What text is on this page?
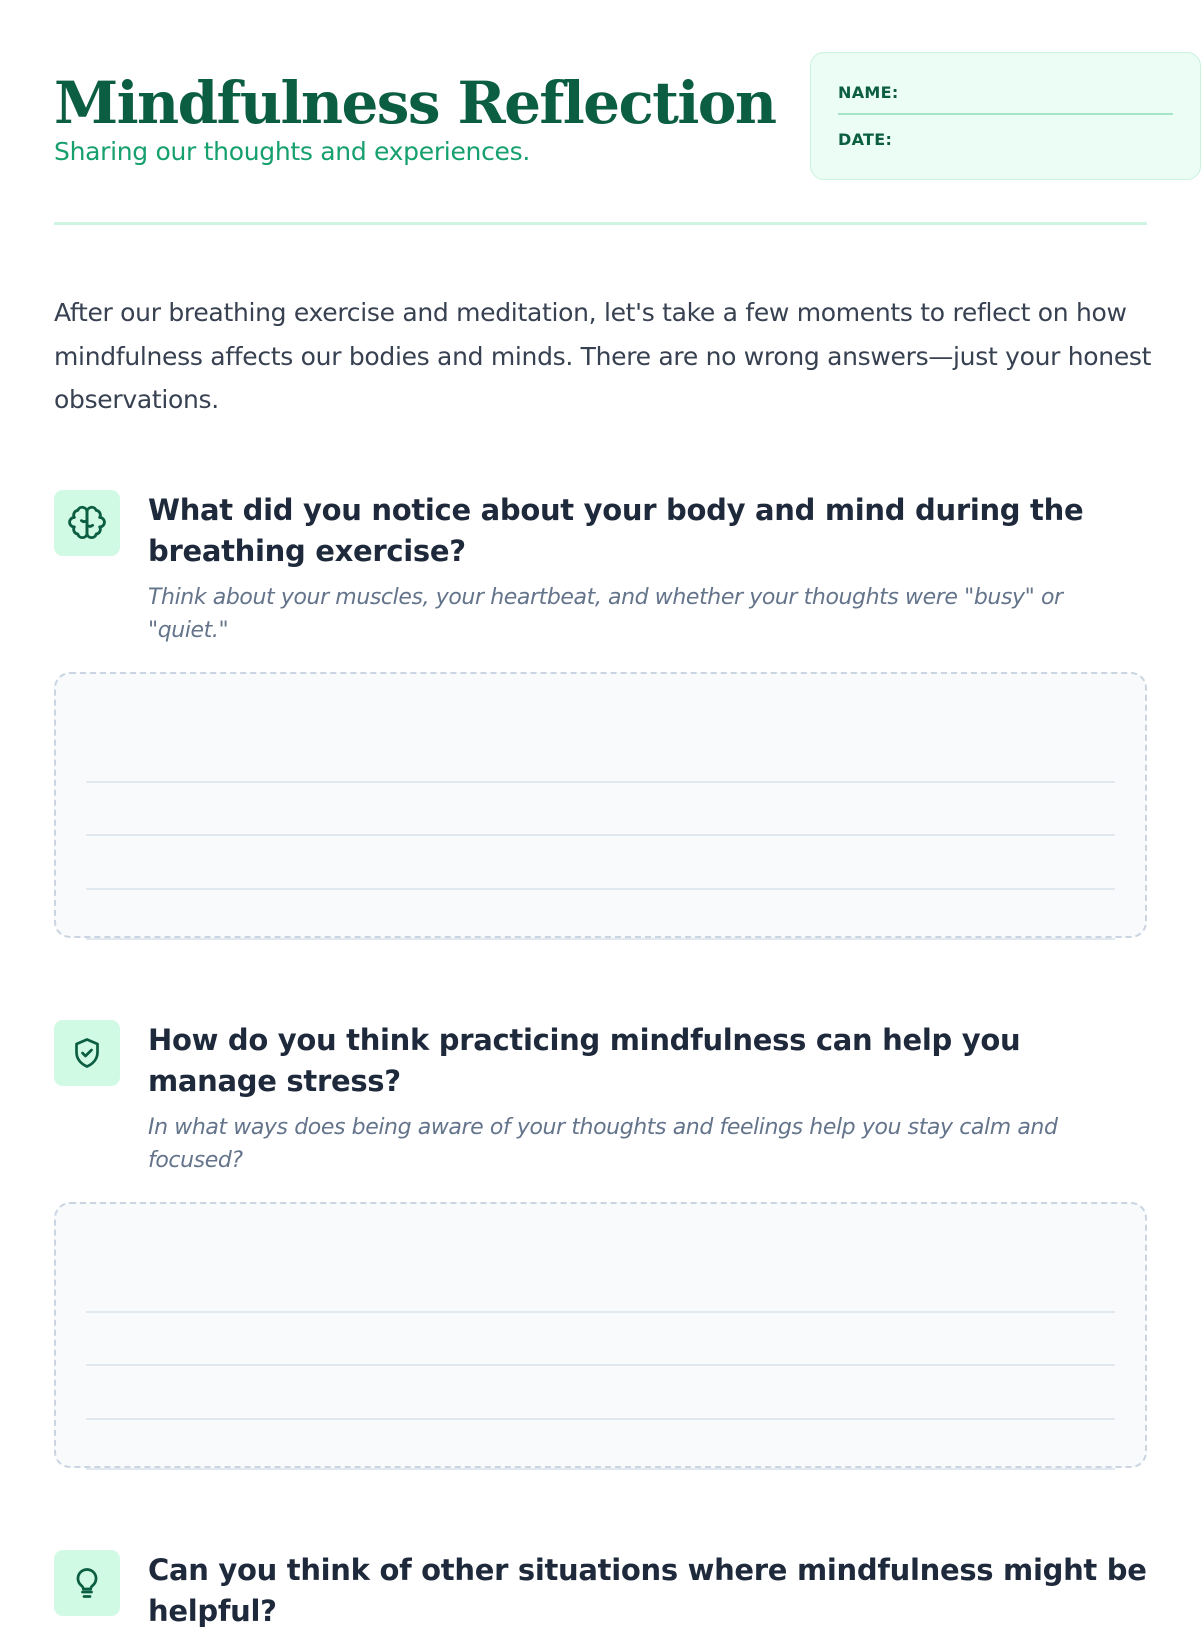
Mindfulness Reflection
Sharing our thoughts and experiences.
NAME:
DATE:

After our breathing exercise and meditation, let's take a few moments to reflect on how mindfulness affects our bodies and minds. There are no wrong answers—just your honest observations.

What did you notice about your body and mind during the breathing exercise?

Think about your muscles, your heartbeat, and whether your thoughts were "busy" or "quiet."

How do you think practicing mindfulness can help you manage stress?

In what ways does being aware of your thoughts and feelings help you stay calm and focused?

Can you think of other situations where mindfulness might be helpful?
